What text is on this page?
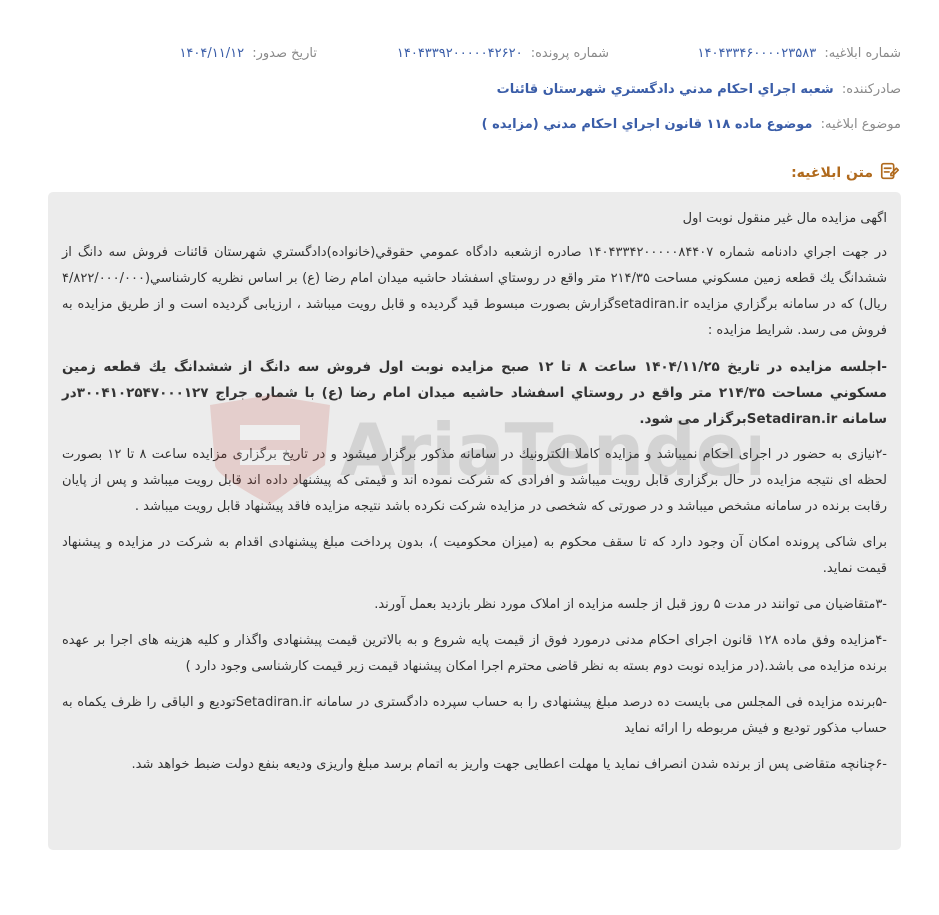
شماره ابلاغيه: ۱۴۰۴۳۳۴۶۰۰۰۰۲۳۵۸۳
شماره پرونده: ۱۴۰۴۳۳۹۲۰۰۰۰۰۴۲۶۲۰
تاريخ صدور: ۱۴۰۴/۱۱/۱۲
صادرکننده: شعبه اجراي احكام مدني دادگستري شهرستان قائنات
موضوع ابلاغيه: موضوع ماده ۱۱۸ قانون اجراي احكام مدني (مزايده )
متن ابلاغيه:

اگهی مزایده مال غیر منقول نوبت اول

در جهت اجراي دادنامه شماره ۱۴۰۴۳۳۴۲۰۰۰۰۰۸۴۴۰۷ صادره ازشعبه دادگاه عمومي حقوقي(خانواده)دادگستري شهرستان قائنات فروش سه دانگ از ششدانگ يك قطعه زمين مسكوني مساحت ۲۱۴/۳۵ متر واقع در روستاي اسفشاد حاشيه ميدان امام رضا (ع) بر اساس نظريه كارشناسي(۴/۸۲۲/۰۰۰/۰۰۰ ريال) كه در سامانه برگزاري مزايده setadiran.irگزارش بصورت مبسوط قيد گرديده و قابل رويت ميباشد ، ارزيابی گرديده است و از طريق مزايده به فروش می رسد. شرايط مزايده :

-اجلسه مزايده در تاريخ ۱۴۰۴/۱۱/۲۵ ساعت ۸ تا ۱۲ صبح مزايده نوبت اول فروش سه دانگ از ششدانگ يك قطعه زمين مسكوني مساحت ۲۱۴/۳۵ متر واقع در روستاي اسفشاد حاشيه ميدان امام رضا (ع) با شماره جراج ۳۰۰۴۱۰۲۵۴۷۰۰۰۱۲۷در سامانه Setadiran.irبرگزار می شود.

-۲نيازی به حضور در اجرای احكام نميباشد و مزايده كاملا الكترونيك در سامانه مذكور برگزار ميشود و در تاريخ برگزاری مزايده ساعت ۸ تا ۱۲ بصورت لحظه ای نتيجه مزايده در حال برگزاری قابل رويت ميباشد و افرادی كه شركت نموده اند و قيمتی كه پيشنهاد داده اند قابل رويت ميباشد و پس از پايان رقابت برنده در سامانه مشخص ميباشد و در صورتی كه شخصی در مزايده شركت نكرده باشد نتيجه مزايده فاقد پيشنهاد قابل رويت ميباشد .

برای شاكی پرونده امكان آن وجود دارد كه تا سقف محكوم به (ميزان محكوميت )، بدون پرداخت مبلغ پيشنهادی اقدام به شركت در مزايده و پيشنهاد قيمت نمايد.

-۳متقاضيان می توانند در مدت ۵ روز قبل از جلسه مزايده از املاک مورد نظر بازديد بعمل آورند.

-۴مزايده وفق ماده ۱۲۸ قانون اجرای احكام مدنی درمورد فوق از قيمت پايه شروع و به بالاترين قيمت پيشنهادی واگذار و كليه هزينه های اجرا بر عهده برنده مزايده می باشد.(در مزايده نوبت دوم بسته به نظر قاضی محترم اجرا امكان پيشنهاد قيمت زير قيمت كارشناسی وجود دارد )

-۵برنده مزايده فی المجلس می بايست ده درصد مبلغ پيشنهادی را به حساب سپرده دادگستری در سامانه Setadiran.irتوديع و الباقی را ظرف يكماه به حساب مذكور توديع و فيش مربوطه را ارائه نمايد

-۶چنانچه متقاضی پس از برنده شدن انصراف نمايد يا مهلت اعطايی جهت واريز به اتمام برسد مبلغ واريزی وديعه بنفع دولت ضبط خواهد شد.
